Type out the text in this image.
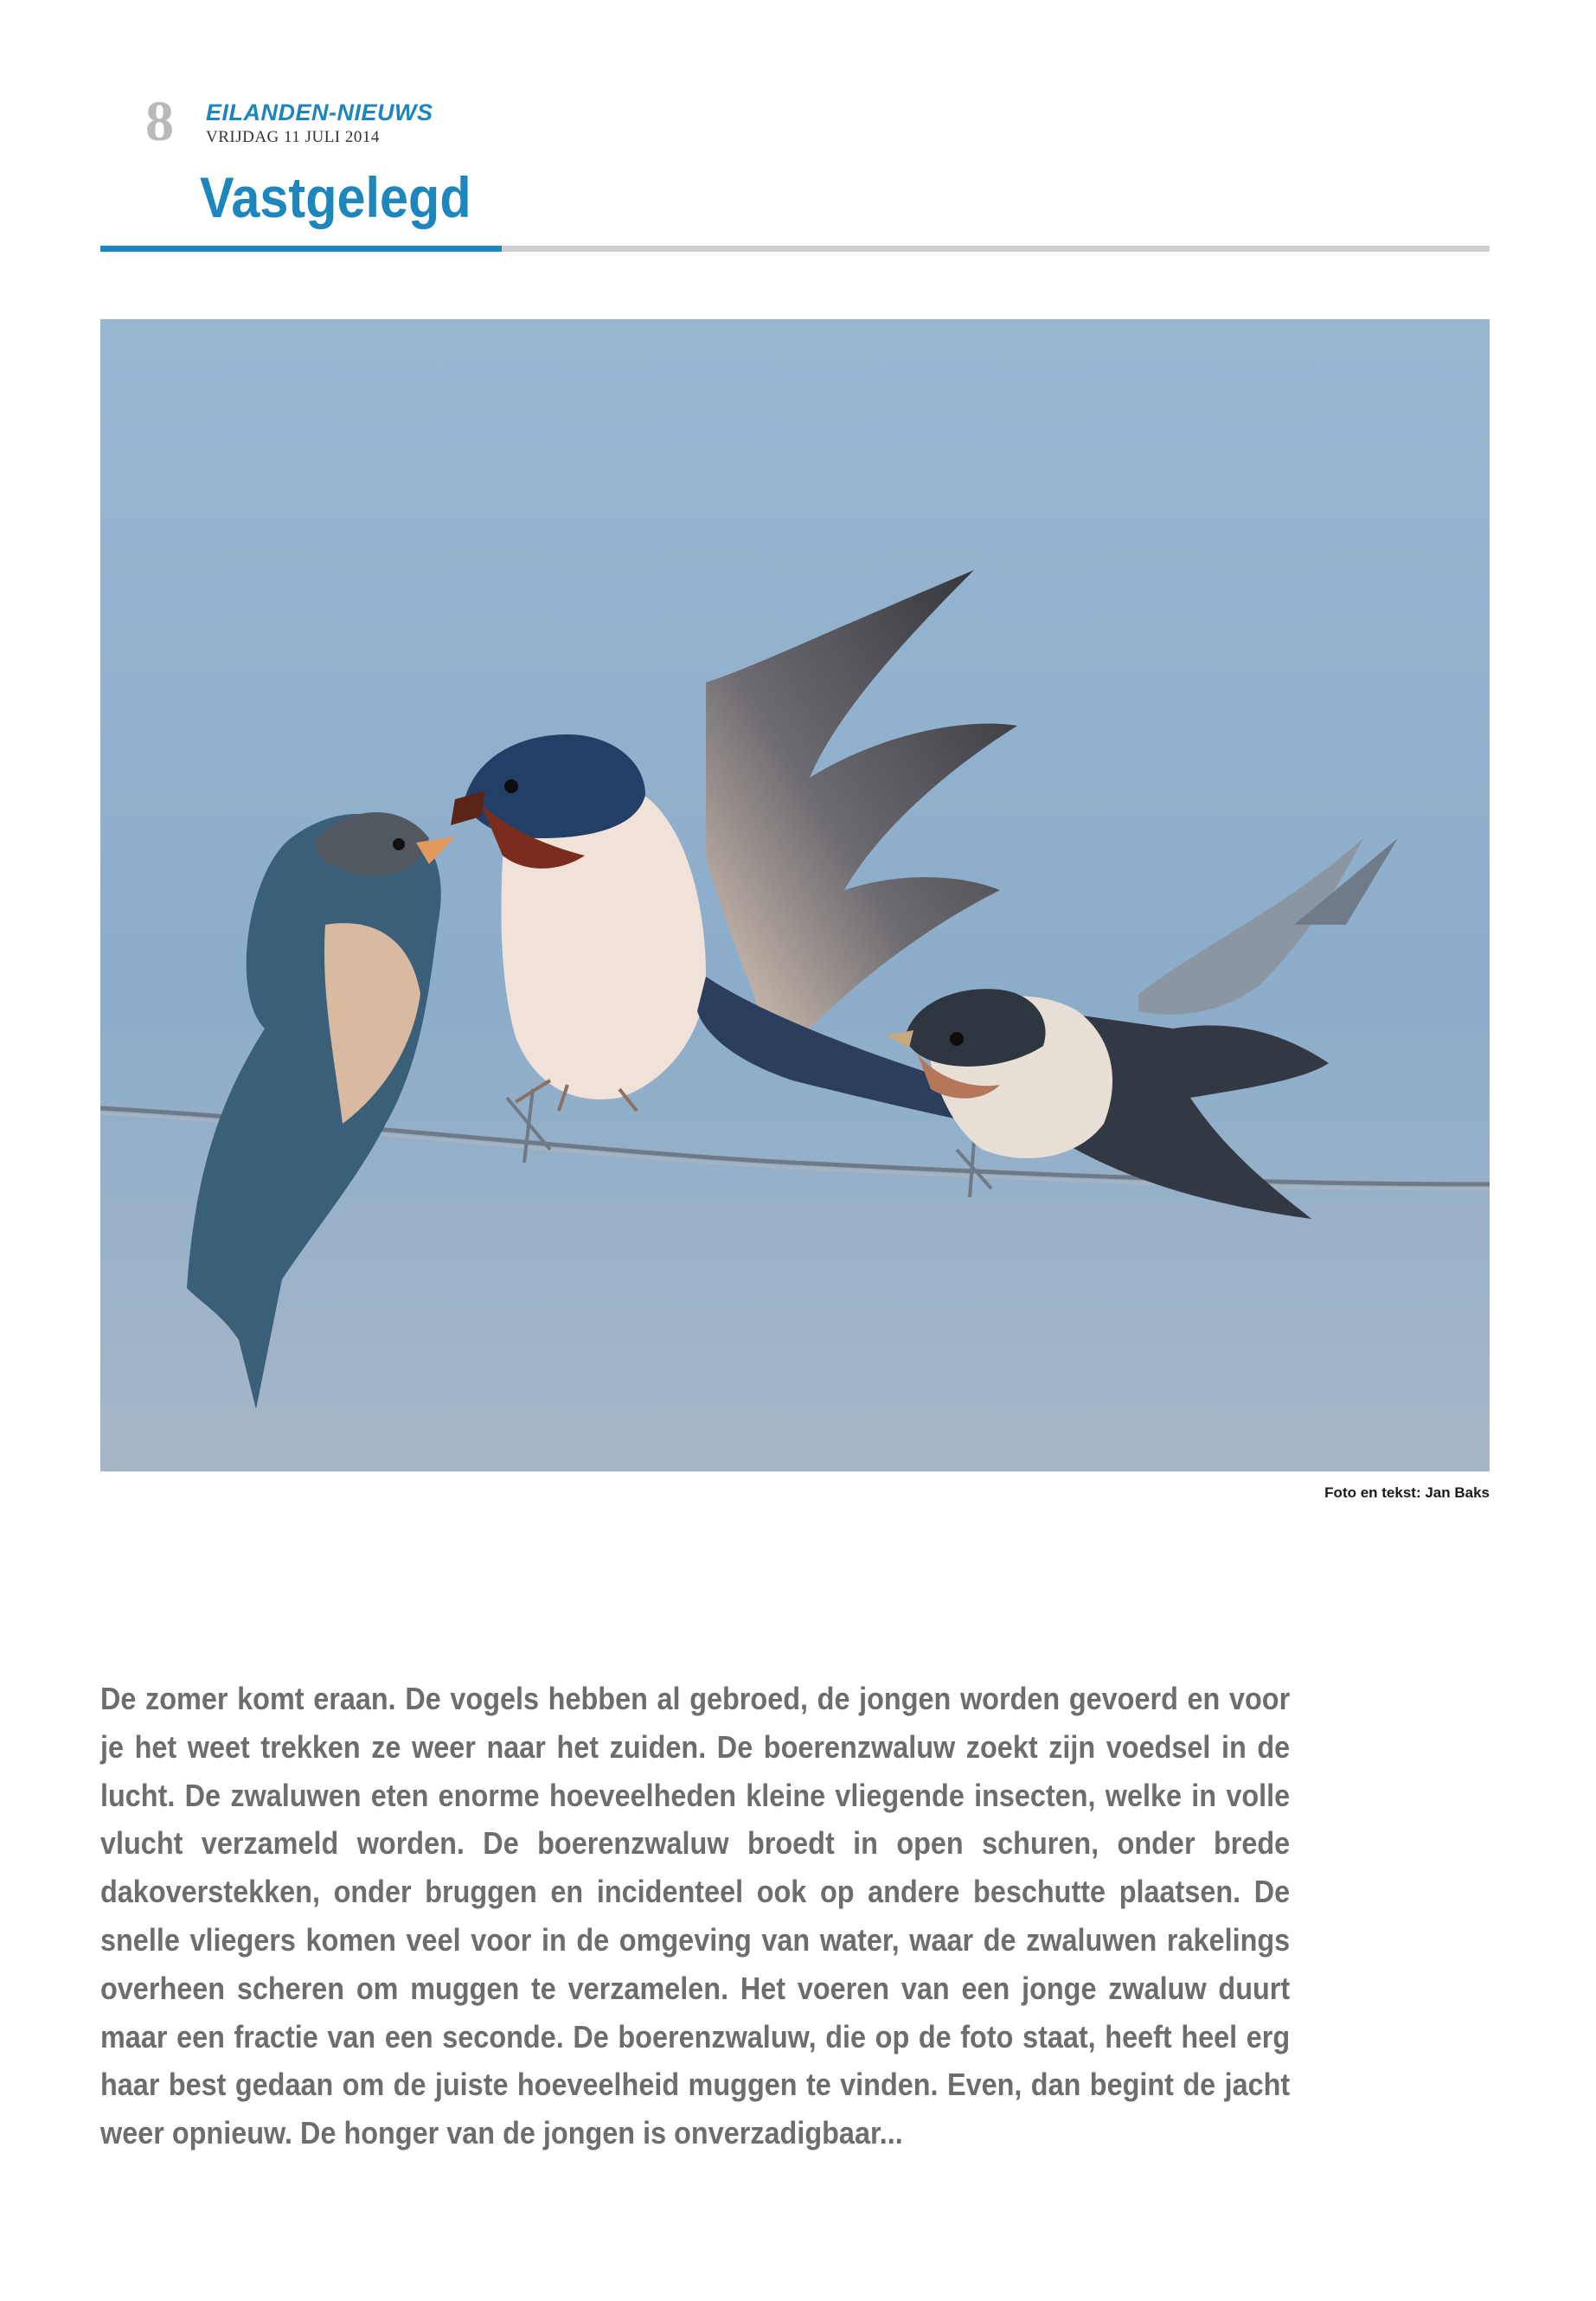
8 EILANDEN-NIEUWS
VRIJDAG 11 JULI 2014
Vastgelegd
Foto en tekst: Jan Baks

De zomer komt eraan. De vogels hebben al gebroed, de jongen worden gevoerd en voor je het weet trekken ze weer naar het zuiden. De boerenzwaluw zoekt zijn voedsel in de lucht. De zwaluwen eten enorme hoeveelheden kleine vliegende insecten, welke in volle vlucht verzameld worden. De boerenzwaluw broedt in open schuren, onder brede dakoverstekken, onder bruggen en incidenteel ook op andere beschutte plaatsen. De snelle vliegers komen veel voor in de omgeving van water, waar de zwaluwen rakelings overheen scheren om muggen te verzamelen. Het voeren van een jonge zwaluw duurt maar een fractie van een seconde. De boerenzwaluw, die op de foto staat, heeft heel erg haar best gedaan om de juiste hoeveelheid muggen te vinden. Even, dan begint de jacht weer opnieuw. De honger van de jongen is onverzadigbaar...
